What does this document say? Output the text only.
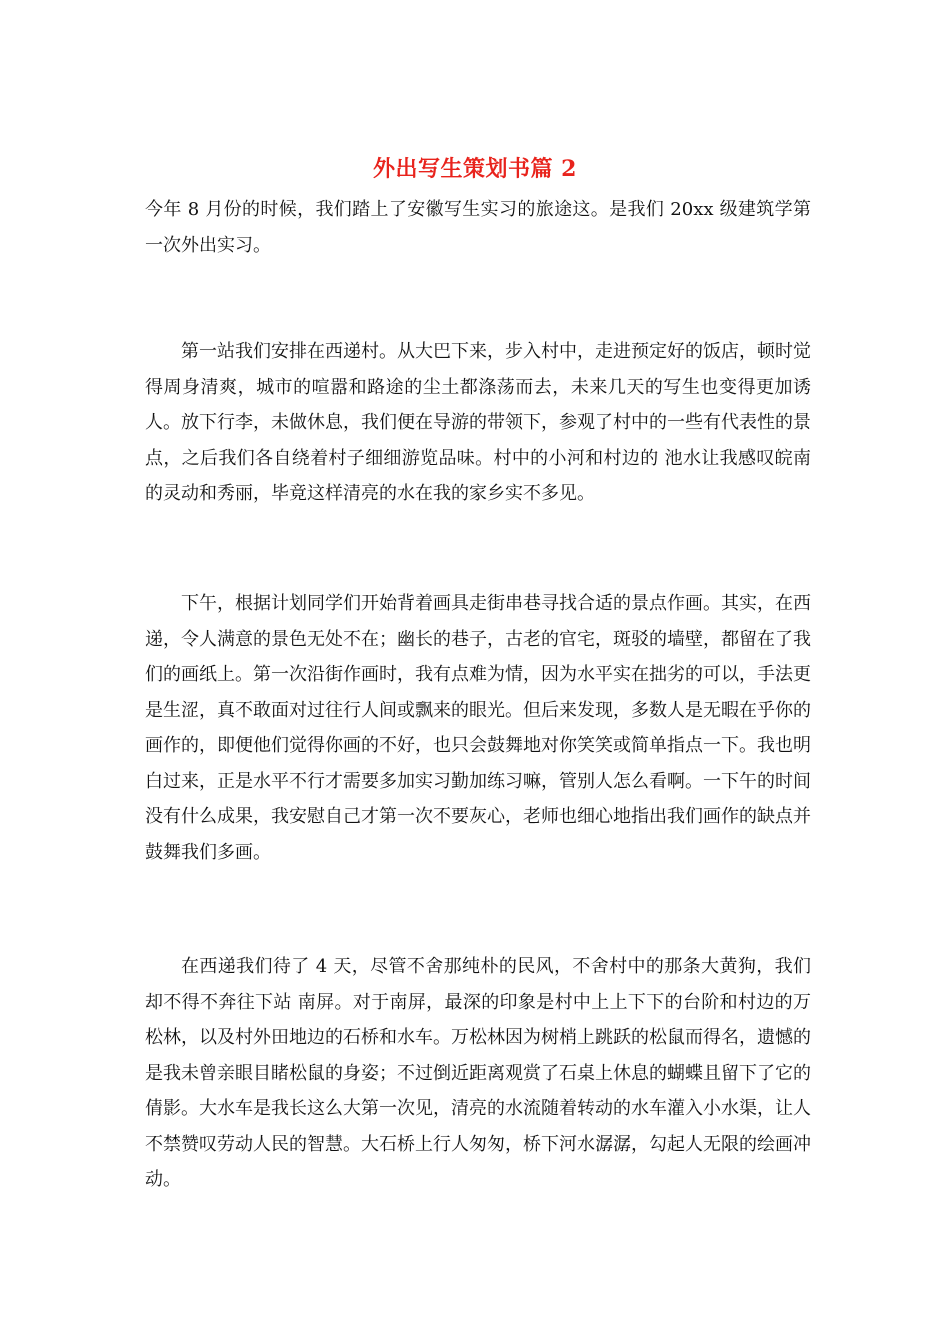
外出写生策划书篇 2

今年 8 月份的时候，我们踏上了安徽写生实习的旅途这。是我们 20xx 级建筑学第一次外出实习。

第一站我们安排在西递村。从大巴下来，步入村中，走进预定好的饭店，顿时觉得周身清爽，城市的喧嚣和路途的尘土都涤荡而去，未来几天的写生也变得更加诱人。放下行李，未做休息，我们便在导游的带领下，参观了村中的一些有代表性的景点，之后我们各自绕着村子细细游览品味。村中的小河和村边的 池水让我感叹皖南的灵动和秀丽，毕竟这样清亮的水在我的家乡实不多见。

下午，根据计划同学们开始背着画具走街串巷寻找合适的景点作画。其实，在西递，令人满意的景色无处不在；幽长的巷子，古老的官宅，斑驳的墙壁，都留在了我们的画纸上。第一次沿街作画时，我有点难为情，因为水平实在拙劣的可以，手法更是生涩，真不敢面对过往行人间或飘来的眼光。但后来发现，多数人是无暇在乎你的画作的，即便他们觉得你画的不好，也只会鼓舞地对你笑笑或简单指点一下。我也明白过来，正是水平不行才需要多加实习勤加练习嘛，管别人怎么看啊。一下午的时间没有什么成果，我安慰自己才第一次不要灰心，老师也细心地指出我们画作的缺点并鼓舞我们多画。

在西递我们待了 4 天，尽管不舍那纯朴的民风，不舍村中的那条大黄狗，我们却不得不奔往下站 南屏。对于南屏，最深的印象是村中上上下下的台阶和村边的万松林，以及村外田地边的石桥和水车。万松林因为树梢上跳跃的松鼠而得名，遗憾的是我未曾亲眼目睹松鼠的身姿；不过倒近距离观赏了石桌上休息的蝴蝶且留下了它的倩影。大水车是我长这么大第一次见，清亮的水流随着转动的水车灌入小水渠，让人不禁赞叹劳动人民的智慧。大石桥上行人匆匆，桥下河水潺潺，勾起人无限的绘画冲动。
